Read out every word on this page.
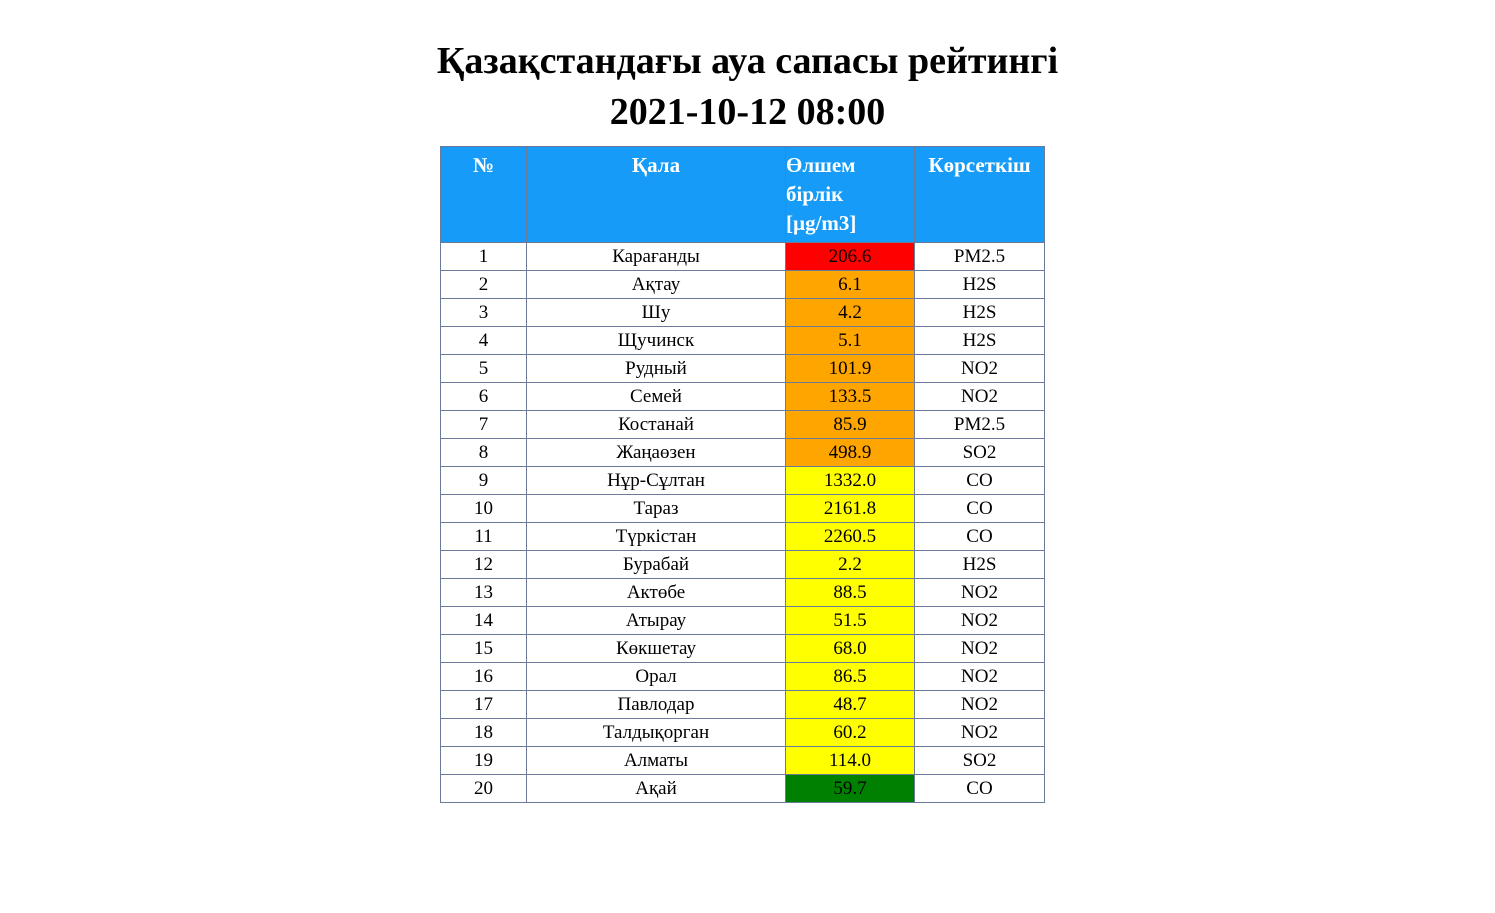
Қазақстандағы ауа сапасы рейтингі
2021-10-12 08:00
№	Қала	Өлшем
бірлік
[µg/m3]	Көрсеткіш
1	Карағанды	206.6	PM2.5
2	Ақтау	6.1	H2S
3	Шу	4.2	H2S
4	Щучинск	5.1	H2S
5	Рудный	101.9	NO2
6	Семей	133.5	NO2
7	Костанай	85.9	PM2.5
8	Жаңаөзен	498.9	SO2
9	Нұр-Сұлтан	1332.0	CO
10	Тараз	2161.8	CO
11	Түркістан	2260.5	CO
12	Бурабай	2.2	H2S
13	Актөбе	88.5	NO2
14	Атырау	51.5	NO2
15	Көкшетау	68.0	NO2
16	Орал	86.5	NO2
17	Павлодар	48.7	NO2
18	Талдықорган	60.2	NO2
19	Алматы	114.0	SO2
20	Ақай	59.7	CO
